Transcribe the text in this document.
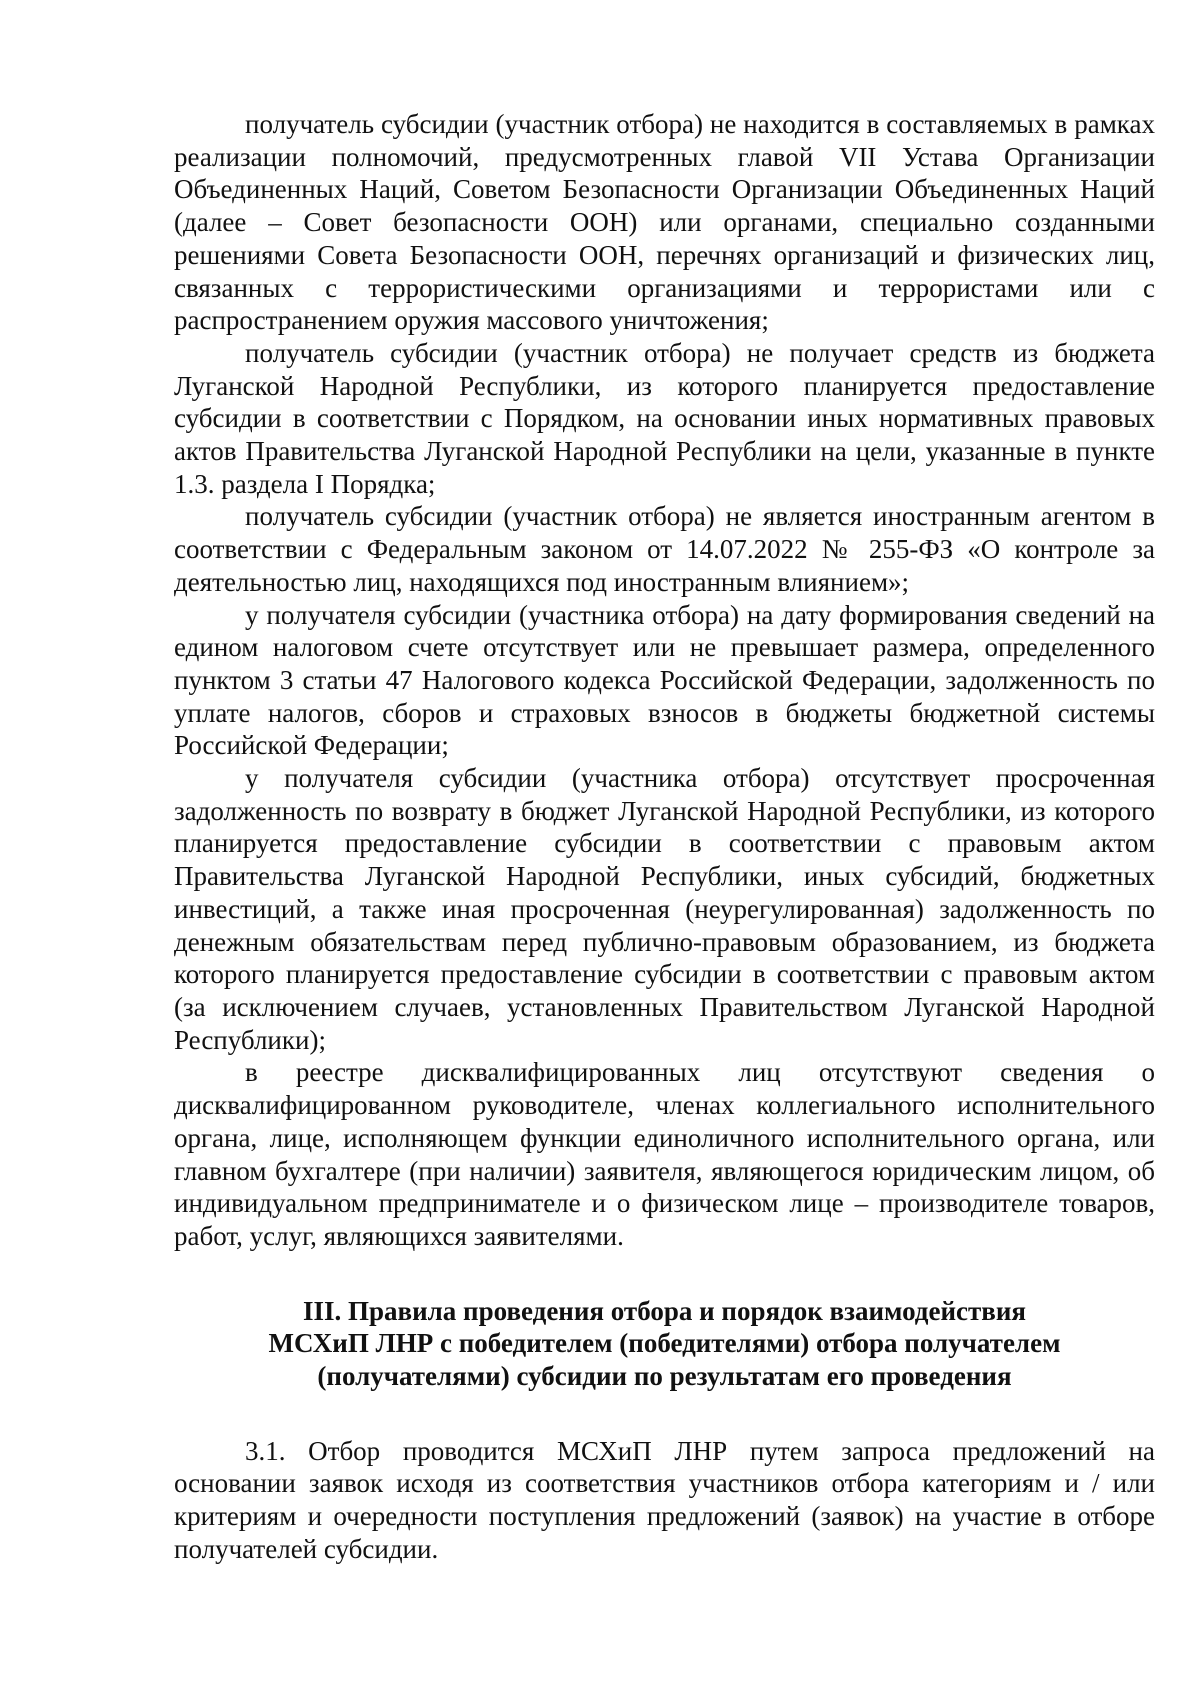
получатель субсидии (участник отбора) не находится в составляемых в рамках реализации полномочий, предусмотренных главой VII Устава Организации Объединенных Наций, Советом Безопасности Организации Объединенных Наций (далее – Совет безопасности ООН) или органами, специально созданными решениями Совета Безопасности ООН, перечнях организаций и физических лиц, связанных с террористическими организациями и террористами или с распространением оружия массового уничтожения;

получатель субсидии (участник отбора) не получает средств из бюджета Луганской Народной Республики, из которого планируется предоставление субсидии в соответствии с Порядком, на основании иных нормативных правовых актов Правительства Луганской Народной Республики на цели, указанные в пункте 1.3. раздела I Порядка;

получатель субсидии (участник отбора) не является иностранным агентом в соответствии с Федеральным законом от 14.07.2022 № 255-ФЗ «О контроле за деятельностью лиц, находящихся под иностранным влиянием»;

у получателя субсидии (участника отбора) на дату формирования сведений на едином налоговом счете отсутствует или не превышает размера, определенного пунктом 3 статьи 47 Налогового кодекса Российской Федерации, задолженность по уплате налогов, сборов и страховых взносов в бюджеты бюджетной системы Российской Федерации;

у получателя субсидии (участника отбора) отсутствует просроченная задолженность по возврату в бюджет Луганской Народной Республики, из которого планируется предоставление субсидии в соответствии с правовым актом Правительства Луганской Народной Республики, иных субсидий, бюджетных инвестиций, а также иная просроченная (неурегулированная) задолженность по денежным обязательствам перед публично-правовым образованием, из бюджета которого планируется предоставление субсидии в соответствии с правовым актом (за исключением случаев, установленных Правительством Луганской Народной Республики);

в реестре дисквалифицированных лиц отсутствуют сведения о дисквалифицированном руководителе, членах коллегиального исполнительного органа, лице, исполняющем функции единоличного исполнительного органа, или главном бухгалтере (при наличии) заявителя, являющегося юридическим лицом, об индивидуальном предпринимателе и о физическом лице – производителе товаров, работ, услуг, являющихся заявителями.

III. Правила проведения отбора и порядок взаимодействия
МСХиП ЛНР с победителем (победителями) отбора получателем
(получателями) субсидии по результатам его проведения

3.1. Отбор проводится МСХиП ЛНР путем запроса предложений на основании заявок исходя из соответствия участников отбора категориям и / или критериям и очередности поступления предложений (заявок) на участие в отборе получателей субсидии.
